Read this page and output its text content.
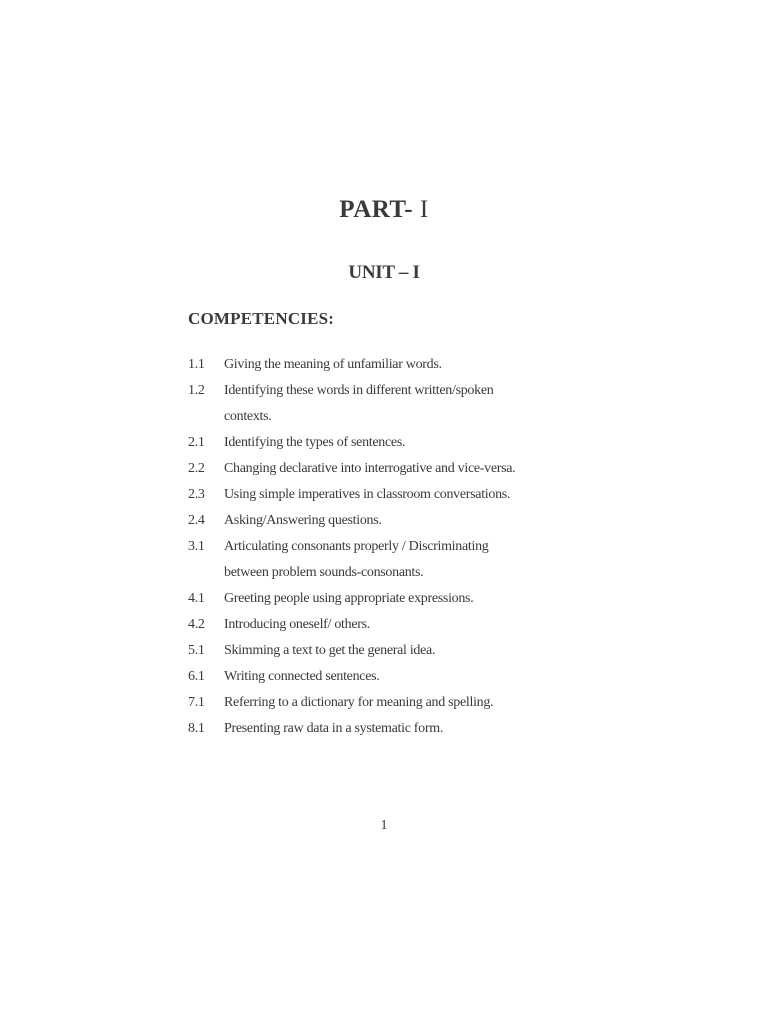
PART- I
UNIT – I
COMPETENCIES:
1.1	Giving the meaning of unfamiliar words.
1.2	Identifying these words in different written/spoken
contexts.
2.1	Identifying the types of sentences.
2.2	Changing declarative into interrogative and vice-versa.
2.3	Using simple imperatives in classroom conversations.
2.4	Asking/Answering questions.
3.1	Articulating consonants properly / Discriminating
between problem sounds-consonants.
4.1	Greeting people using appropriate expressions.
4.2	Introducing oneself/ others.
5.1	Skimming a text to get the general idea.
6.1	Writing connected sentences.
7.1	Referring to a dictionary for meaning and spelling.
8.1	Presenting raw data in a systematic form.
1
